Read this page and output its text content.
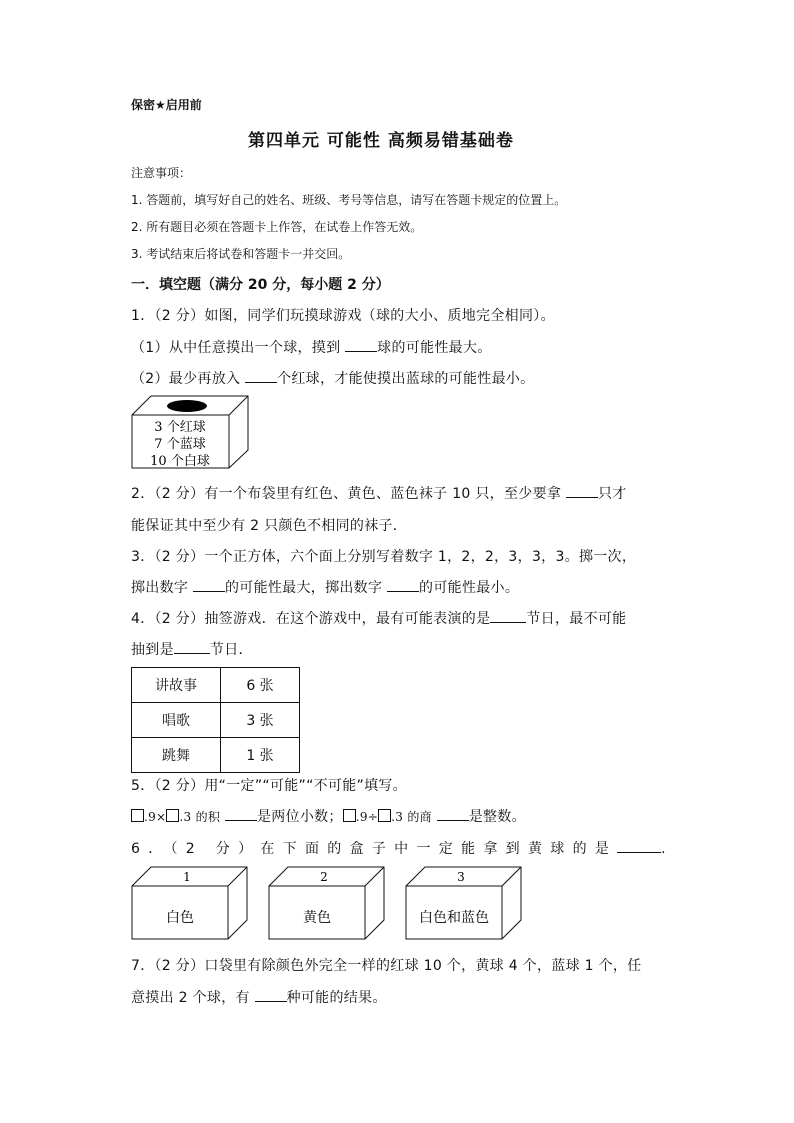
保密★启用前
第四单元 可能性 高频易错基础卷
注意事项：
1. 答题前，填写好自己的姓名、班级、考号等信息，请写在答题卡规定的位置上。
2. 所有题目必须在答题卡上作答，在试卷上作答无效。
3. 考试结束后将试卷和答题卡一并交回。
一．填空题（满分 20 分，每小题 2 分）
1．（2 分）如图，同学们玩摸球游戏（球的大小、质地完全相同）。
（1）从中任意摸出一个球，摸到	球的可能性最大。
（2）最少再放入	个红球，才能使摸出蓝球的可能性最小。
3 个红球
7 个蓝球
10 个白球
2．（2 分）有一个布袋里有红色、黄色、蓝色袜子 10 只，至少要拿	只才
能保证其中至少有 2 只颜色不相同的袜子．
3．（2 分）一个正方体，六个面上分别写着数字 1，2，2，3，3，3。掷一次，
掷出数字	的可能性最大，掷出数字	的可能性最小。
4．（2 分）抽签游戏．在这个游戏中，最有可能表演的是	节日，最不可能
抽到是	节日．
讲故事	6 张
唱歌	3 张
跳舞	1 张
5．（2 分）用“一定”“可能”“不可能”填写。
.9× .3 的积	是两位小数； .9÷ .3 的商	是整数。
6．（2 分）在下面的盒子中一定能拿到黄球的是	.
1
白色
2
黄色
3
白色和蓝色
7．（2 分）口袋里有除颜色外完全一样的红球 10 个，黄球 4 个，蓝球 1 个，任
意摸出 2 个球，有	种可能的结果。
